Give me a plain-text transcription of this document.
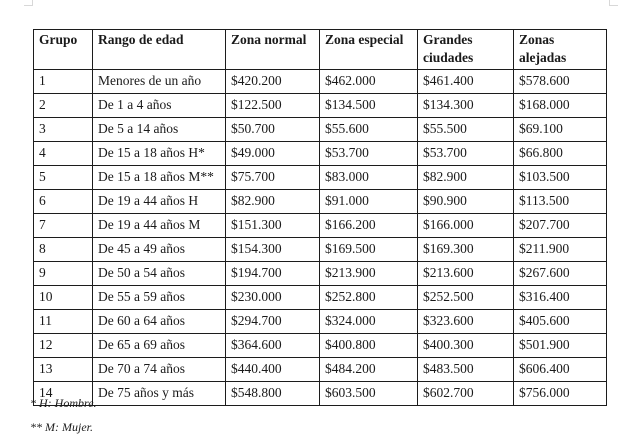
Grupo	Rango de edad	Zona normal	Zona especial	Grandes ciudades	Zonas alejadas
1	Menores de un año	$420.200	$462.000	$461.400	$578.600
2	De 1 a 4 años	$122.500	$134.500	$134.300	$168.000
3	De 5 a 14 años	$50.700	$55.600	$55.500	$69.100
4	De 15 a 18 años H*	$49.000	$53.700	$53.700	$66.800
5	De 15 a 18 años M**	$75.700	$83.000	$82.900	$103.500
6	De 19 a 44 años H	$82.900	$91.000	$90.900	$113.500
7	De 19 a 44 años M	$151.300	$166.200	$166.000	$207.700
8	De 45 a 49 años	$154.300	$169.500	$169.300	$211.900
9	De 50 a 54 años	$194.700	$213.900	$213.600	$267.600
10	De 55 a 59 años	$230.000	$252.800	$252.500	$316.400
11	De 60 a 64 años	$294.700	$324.000	$323.600	$405.600
12	De 65 a 69 años	$364.600	$400.800	$400.300	$501.900
13	De 70 a 74 años	$440.400	$484.200	$483.500	$606.400
14	De 75 años y más	$548.800	$603.500	$602.700	$756.000

* H: Hombre.

** M: Mujer.
